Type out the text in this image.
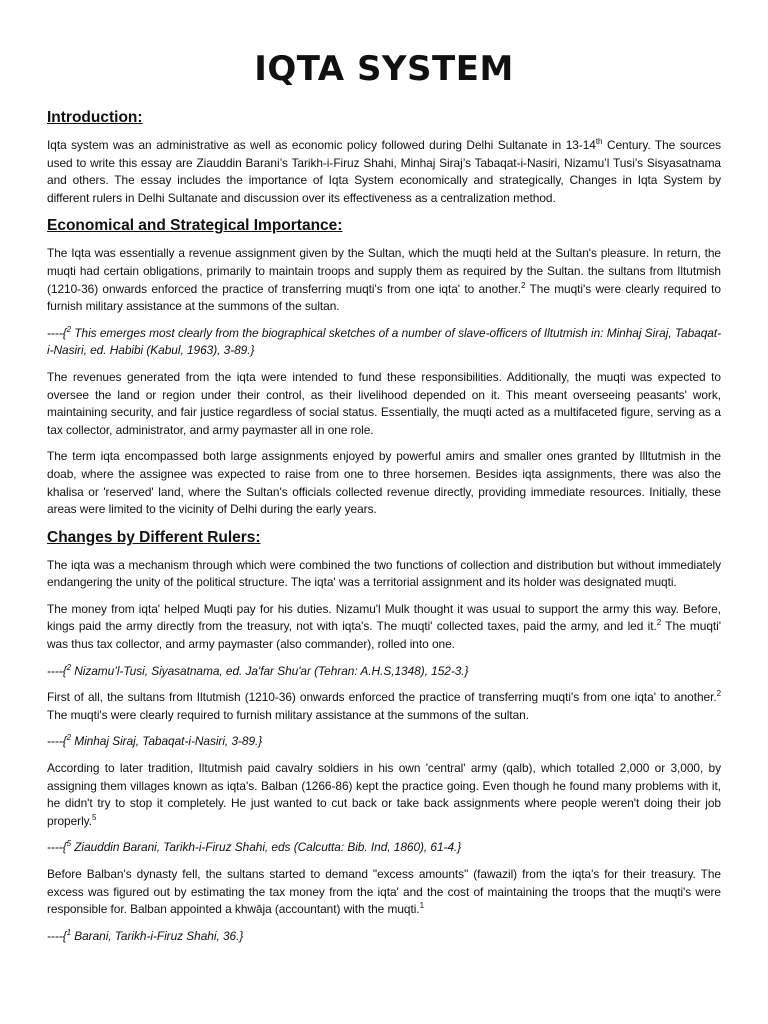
IQTA SYSTEM
Introduction:

Iqta system was an administrative as well as economic policy followed during Delhi Sultanate in 13-14th Century. The sources used to write this essay are Ziauddin Barani’s Tarikh-i-Firuz Shahi, Minhaj Siraj’s Tabaqat-i-Nasiri, Nizamu’l Tusi’s Sisyasatnama and others. The essay includes the importance of Iqta System economically and strategically, Changes in Iqta System by different rulers in Delhi Sultanate and discussion over its effectiveness as a centralization method.

Economical and Strategical Importance:

The Iqta was essentially a revenue assignment given by the Sultan, which the muqti held at the Sultan's pleasure. In return, the muqti had certain obligations, primarily to maintain troops and supply them as required by the Sultan. the sultans from Iltutmish (1210-36) onwards enforced the practice of transferring muqti's from one iqta' to another.$^2$ The muqti's were clearly required to furnish military assistance at the summons of the sultan.

----{$^2$ This emerges most clearly from the biographical sketches of a number of slave-officers of Iltutmish in: Minhaj Siraj, Tabaqat-i-Nasiri, ed. Habibi (Kabul, 1963), 3-89.}

The revenues generated from the iqta were intended to fund these responsibilities. Additionally, the muqti was expected to oversee the land or region under their control, as their livelihood depended on it. This meant overseeing peasants' work, maintaining security, and fair justice regardless of social status. Essentially, the muqti acted as a multifaceted figure, serving as a tax collector, administrator, and army paymaster all in one role.

The term iqta encompassed both large assignments enjoyed by powerful amirs and smaller ones granted by Illtutmish in the doab, where the assignee was expected to raise from one to three horsemen. Besides iqta assignments, there was also the khalisa or 'reserved' land, where the Sultan's officials collected revenue directly, providing immediate resources. Initially, these areas were limited to the vicinity of Delhi during the early years.

Changes by Different Rulers:

The iqta was a mechanism through which were combined the two functions of collection and distribution but without immediately endangering the unity of the political structure. The iqta' was a territorial assignment and its holder was designated muqti.

The money from iqta' helped Muqti pay for his duties. Nizamu'l Mulk thought it was usual to support the army this way. Before, kings paid the army directly from the treasury, not with iqta's. The muqti' collected taxes, paid the army, and led it.$^2$ The muqti' was thus tax collector, and army paymaster (also commander), rolled into one.

----{$^2$ Nizamu’l-Tusi, Siyasatnama, ed. Ja'far Shu'ar (Tehran: A.H.S,1348), 152-3.}

First of all, the sultans from Iltutmish (1210-36) onwards enforced the practice of transferring muqti's from one iqta' to another.$^2$ The muqti's were clearly required to furnish military assistance at the summons of the sultan.

----{$^2$ Minhaj Siraj, Tabaqat-i-Nasiri, 3-89.}

According to later tradition, Iltutmish paid cavalry soldiers in his own 'central' army (qalb), which totalled 2,000 or 3,000, by assigning them villages known as iqta's. Balban (1266-86) kept the practice going. Even though he found many problems with it, he didn't try to stop it completely. He just wanted to cut back or take back assignments where people weren't doing their job properly.$^5$

----{$^5$ Ziauddin Barani, Tarikh-i-Firuz Shahi, eds (Calcutta: Bib. Ind, 1860), 61-4.}

Before Balban's dynasty fell, the sultans started to demand "excess amounts" (fawazil) from the iqta's for their treasury. The excess was figured out by estimating the tax money from the iqta' and the cost of maintaining the troops that the muqti's were responsible for. Balban appointed a khwāja (accountant) with the muqti.$^1$

----{$^1$ Barani, Tarikh-i-Firuz Shahi, 36.}
